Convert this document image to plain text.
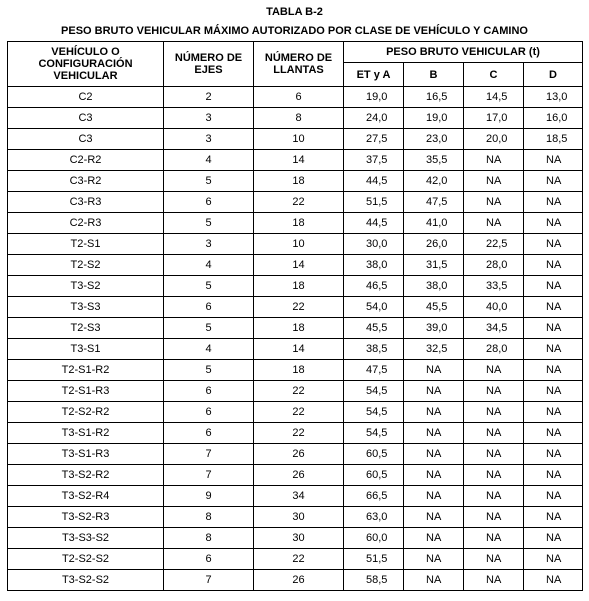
TABLA B-2
PESO BRUTO VEHICULAR MÁXIMO AUTORIZADO POR CLASE DE VEHÍCULO Y CAMINO
VEHÍCULO O CONFIGURACIÓN VEHICULAR	NÚMERO DE EJES	NÚMERO DE LLANTAS	PESO BRUTO VEHICULAR (t)			
			ET y A	B	C	D
C2	2	6	19,0	16,5	14,5	13,0
C3	3	8	24,0	19,0	17,0	16,0
C3	3	10	27,5	23,0	20,0	18,5
C2-R2	4	14	37,5	35,5	NA	NA
C3-R2	5	18	44,5	42,0	NA	NA
C3-R3	6	22	51,5	47,5	NA	NA
C2-R3	5	18	44,5	41,0	NA	NA
T2-S1	3	10	30,0	26,0	22,5	NA
T2-S2	4	14	38,0	31,5	28,0	NA
T3-S2	5	18	46,5	38,0	33,5	NA
T3-S3	6	22	54,0	45,5	40,0	NA
T2-S3	5	18	45,5	39,0	34,5	NA
T3-S1	4	14	38,5	32,5	28,0	NA
T2-S1-R2	5	18	47,5	NA	NA	NA
T2-S1-R3	6	22	54,5	NA	NA	NA
T2-S2-R2	6	22	54,5	NA	NA	NA
T3-S1-R2	6	22	54,5	NA	NA	NA
T3-S1-R3	7	26	60,5	NA	NA	NA
T3-S2-R2	7	26	60,5	NA	NA	NA
T3-S2-R4	9	34	66,5	NA	NA	NA
T3-S2-R3	8	30	63,0	NA	NA	NA
T3-S3-S2	8	30	60,0	NA	NA	NA
T2-S2-S2	6	22	51,5	NA	NA	NA
T3-S2-S2	7	26	58,5	NA	NA	NA
